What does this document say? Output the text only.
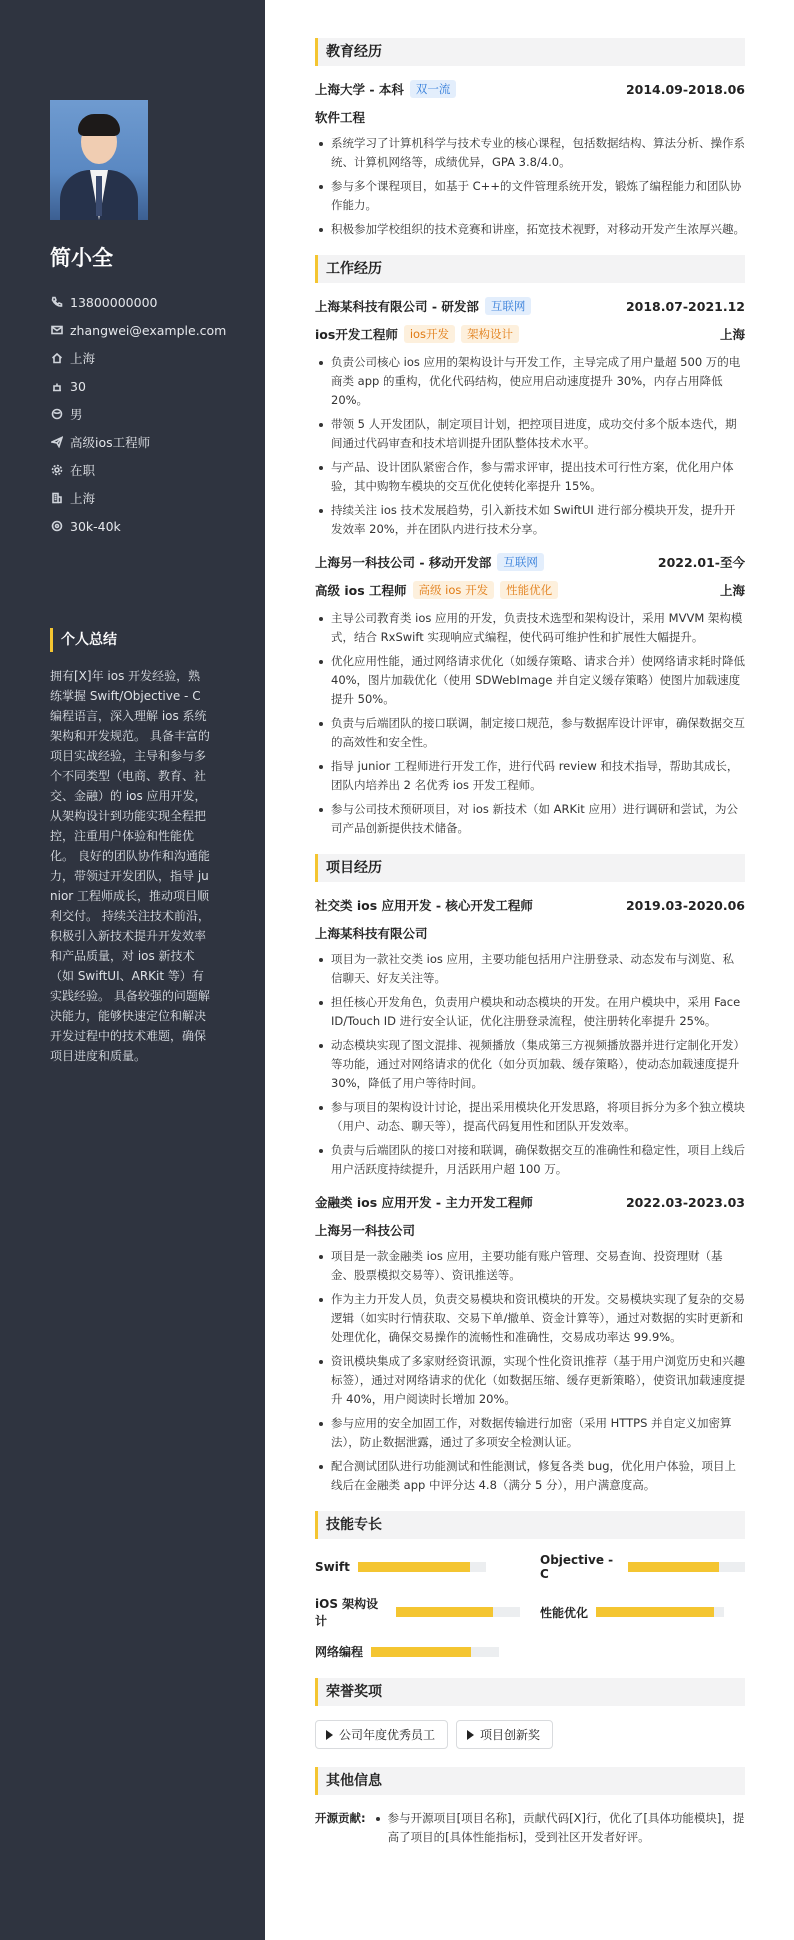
简小全
13800000000
zhangwei@example.com
上海
30
男
高级ios工程师
在职
上海
30k-40k
个人总结
拥有[X]年 ios 开发经验，熟练掌握 Swift/Objective - C 编程语言，深入理解 ios 系统架构和开发规范。 具备丰富的项目实战经验，主导和参与多个不同类型（电商、教育、社交、金融）的 ios 应用开发，从架构设计到功能实现全程把控，注重用户体验和性能优化。 良好的团队协作和沟通能力，带领过开发团队，指导 junior 工程师成长，推动项目顺利交付。 持续关注技术前沿，积极引入新技术提升开发效率和产品质量，对 ios 新技术（如 SwiftUI、ARKit 等）有实践经验。 具备较强的问题解决能力，能够快速定位和解决开发过程中的技术难题，确保项目进度和质量。
教育经历
上海大学 - 本科	双一流	2014.09-2018.06
软件工程
系统学习了计算机科学与技术专业的核心课程，包括数据结构、算法分析、操作系统、计算机网络等，成绩优异，GPA 3.8/4.0。
参与多个课程项目，如基于 C++的文件管理系统开发，锻炼了编程能力和团队协作能力。
积极参加学校组织的技术竞赛和讲座，拓宽技术视野，对移动开发产生浓厚兴趣。
工作经历
上海某科技有限公司 - 研发部	互联网	2018.07-2021.12
ios开发工程师	ios开发	架构设计	上海
负责公司核心 ios 应用的架构设计与开发工作，主导完成了用户量超 500 万的电商类 app 的重构，优化代码结构，使应用启动速度提升 30%，内存占用降低 20%。
带领 5 人开发团队，制定项目计划，把控项目进度，成功交付多个版本迭代，期间通过代码审查和技术培训提升团队整体技术水平。
与产品、设计团队紧密合作，参与需求评审，提出技术可行性方案，优化用户体验，其中购物车模块的交互优化使转化率提升 15%。
持续关注 ios 技术发展趋势，引入新技术如 SwiftUI 进行部分模块开发，提升开发效率 20%，并在团队内进行技术分享。
上海另一科技公司 - 移动开发部	互联网	2022.01-至今
高级 ios 工程师	高级 ios 开发	性能优化	上海
主导公司教育类 ios 应用的开发，负责技术选型和架构设计，采用 MVVM 架构模式，结合 RxSwift 实现响应式编程，使代码可维护性和扩展性大幅提升。
优化应用性能，通过网络请求优化（如缓存策略、请求合并）使网络请求耗时降低 40%，图片加载优化（使用 SDWebImage 并自定义缓存策略）使图片加载速度提升 50%。
负责与后端团队的接口联调，制定接口规范，参与数据库设计评审，确保数据交互的高效性和安全性。
指导 junior 工程师进行开发工作，进行代码 review 和技术指导，帮助其成长，团队内培养出 2 名优秀 ios 开发工程师。
参与公司技术预研项目，对 ios 新技术（如 ARKit 应用）进行调研和尝试，为公司产品创新提供技术储备。
项目经历
社交类 ios 应用开发 - 核心开发工程师	2019.03-2020.06
上海某科技有限公司
项目为一款社交类 ios 应用，主要功能包括用户注册登录、动态发布与浏览、私信聊天、好友关注等。
担任核心开发角色，负责用户模块和动态模块的开发。在用户模块中，采用 Face ID/Touch ID 进行安全认证，优化注册登录流程，使注册转化率提升 25%。
动态模块实现了图文混排、视频播放（集成第三方视频播放器并进行定制化开发）等功能，通过对网络请求的优化（如分页加载、缓存策略），使动态加载速度提升 30%，降低了用户等待时间。
参与项目的架构设计讨论，提出采用模块化开发思路，将项目拆分为多个独立模块（用户、动态、聊天等），提高代码复用性和团队开发效率。
负责与后端团队的接口对接和联调，确保数据交互的准确性和稳定性，项目上线后用户活跃度持续提升，月活跃用户超 100 万。
金融类 ios 应用开发 - 主力开发工程师	2022.03-2023.03
上海另一科技公司
项目是一款金融类 ios 应用，主要功能有账户管理、交易查询、投资理财（基金、股票模拟交易等）、资讯推送等。
作为主力开发人员，负责交易模块和资讯模块的开发。交易模块实现了复杂的交易逻辑（如实时行情获取、交易下单/撤单、资金计算等），通过对数据的实时更新和处理优化，确保交易操作的流畅性和准确性，交易成功率达 99.9%。
资讯模块集成了多家财经资讯源，实现个性化资讯推荐（基于用户浏览历史和兴趣标签），通过对网络请求的优化（如数据压缩、缓存更新策略），使资讯加载速度提升 40%，用户阅读时长增加 20%。
参与应用的安全加固工作，对数据传输进行加密（采用 HTTPS 并自定义加密算法），防止数据泄露，通过了多项安全检测认证。
配合测试团队进行功能测试和性能测试，修复各类 bug，优化用户体验，项目上线后在金融类 app 中评分达 4.8（满分 5 分），用户满意度高。
技能专长
Swift	Objective - C
iOS 架构设计
性能优化
网络编程
荣誉奖项
公司年度优秀员工	项目创新奖
其他信息
开源贡献: 参与开源项目[项目名称]，贡献代码[X]行，优化了[具体功能模块]，提高了项目的[具体性能指标]，受到社区开发者好评。
